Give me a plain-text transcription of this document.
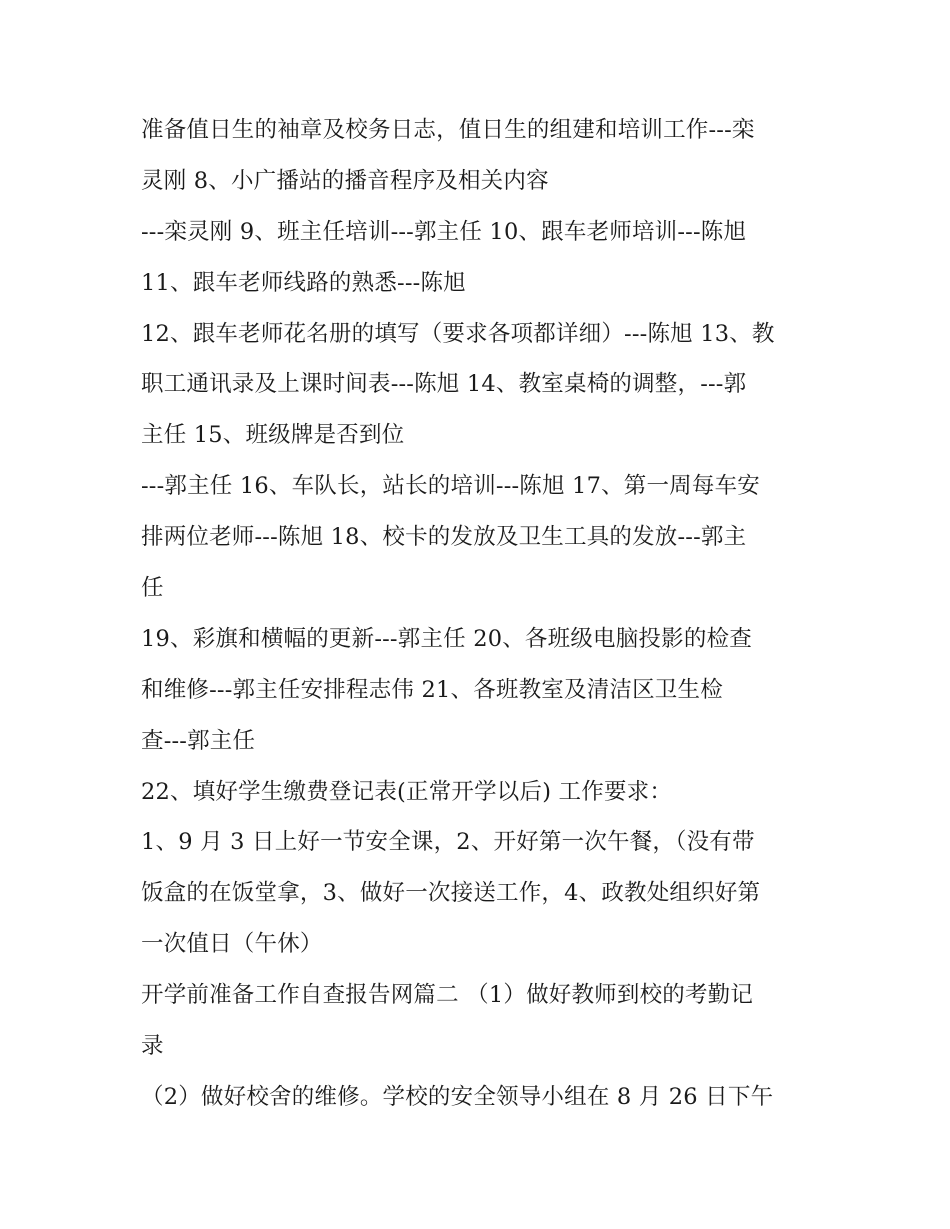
准备值日生的袖章及校务日志，值日生的组建和培训工作---栾
灵刚 8、小广播站的播音程序及相关内容
---栾灵刚 9、班主任培训---郭主任 10、跟车老师培训---陈旭
11、跟车老师线路的熟悉---陈旭
12、跟车老师花名册的填写（要求各项都详细）---陈旭 13、教
职工通讯录及上课时间表---陈旭 14、教室桌椅的调整，---郭
主任 15、班级牌是否到位
---郭主任 16、车队长，站长的培训---陈旭 17、第一周每车安
排两位老师---陈旭 18、校卡的发放及卫生工具的发放---郭主
任
19、彩旗和横幅的更新---郭主任 20、各班级电脑投影的检查
和维修---郭主任安排程志伟 21、各班教室及清洁区卫生检
查---郭主任
22、填好学生缴费登记表(正常开学以后) 工作要求：
1、9 月 3 日上好一节安全课，2、开好第一次午餐，（没有带
饭盒的在饭堂拿，3、做好一次接送工作，4、政教处组织好第
一次值日（午休）
开学前准备工作自查报告网篇二 （1）做好教师到校的考勤记
录
（2）做好校舍的维修。学校的安全领导小组在 8 月 26 日下午
